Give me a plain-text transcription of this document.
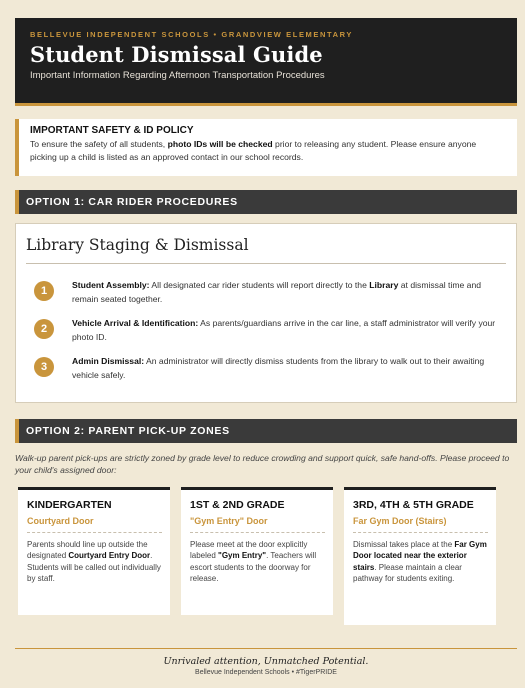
BELLEVUE INDEPENDENT SCHOOLS • GRANDVIEW ELEMENTARY
Student Dismissal Guide
Important Information Regarding Afternoon Transportation Procedures
IMPORTANT SAFETY & ID POLICY
To ensure the safety of all students, photo IDs will be checked prior to releasing any student. Please ensure anyone picking up a child is listed as an approved contact in our school records.
OPTION 1: CAR RIDER PROCEDURES
Library Staging & Dismissal
1	Student Assembly: All designated car rider students will report directly to the Library at dismissal time and remain seated together.
2	Vehicle Arrival & Identification: As parents/guardians arrive in the car line, a staff administrator will verify your photo ID.
3	Admin Dismissal: An administrator will directly dismiss students from the library to walk out to their awaiting vehicle safely.
OPTION 2: PARENT PICK-UP ZONES
Walk-up parent pick-ups are strictly zoned by grade level to reduce crowding and support quick, safe hand-offs. Please proceed to your child's assigned door:
KINDERGARTEN
Courtyard Door
Parents should line up outside the designated Courtyard Entry Door. Students will be called out individually by staff.
1ST & 2ND GRADE
"Gym Entry" Door
Please meet at the door explicitly labeled "Gym Entry". Teachers will escort students to the doorway for release.
3RD, 4TH & 5TH GRADE
Far Gym Door (Stairs)
Dismissal takes place at the Far Gym Door located near the exterior stairs. Please maintain a clear pathway for students exiting.
Unrivaled attention, Unmatched Potential.
Bellevue Independent Schools • #TigerPRIDE
